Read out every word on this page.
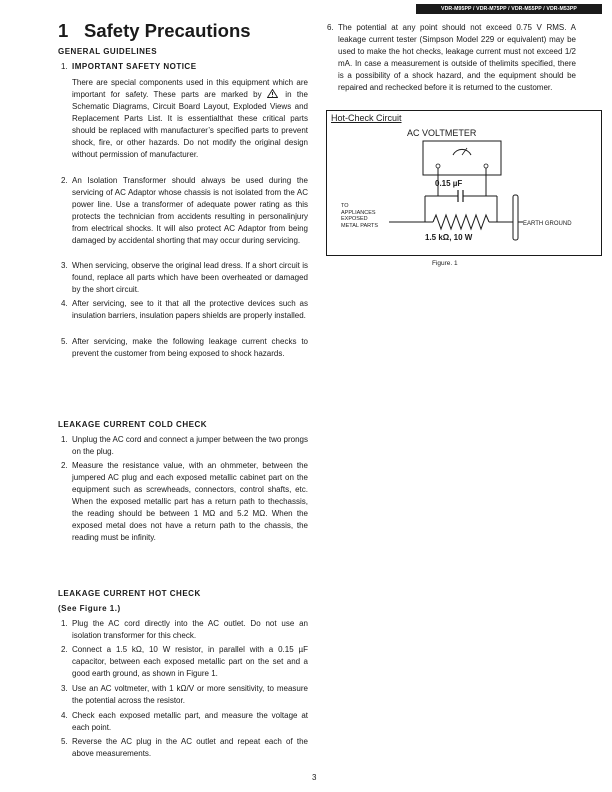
VDR-M95PP / VDR-M75PP / VDR-M55PP / VDR-M53PP
1 Safety Precautions
GENERAL GUIDELINES
1. IMPORTANT SAFETY NOTICE
There are special components used in this equipment which are important for safety. These parts are marked by	in the Schematic Diagrams, Circuit Board Layout, Exploded Views and Replacement Parts List. It is essentialthat these critical parts should be replaced with manufacturer’s specified parts to prevent shock, fire, or other hazards. Do not modify the original design without permission of manufacturer.
2. An Isolation Transformer should always be used during the servicing of AC Adaptor whose chassis is not isolated from the AC power line. Use a transformer of adequate power rating as this protects the technician from accidents resulting in personalinjury from electrical shocks. It will also protect AC Adaptor from being damaged by accidental shorting that may occur during servicing.
3. When servicing, observe the original lead dress. If a short circuit is found, replace all parts which have been overheated or damaged by the short circuit.
4. After servicing, see to it that all the protective devices such as insulation barriers, insulation papers shields are properly installed.
5. After servicing, make the following leakage current checks to prevent the customer from being exposed to shock hazards.
6. The potential at any point should not exceed 0.75 V RMS. A leakage current tester (Simpson Model 229 or equivalent) may be used to make the hot checks, leakage current must not exceed 1/2 mA. In case a measurement is outside of thelimits specified, there is a possibility of a shock hazard, and the equipment should be repaired and rechecked before it is returned to the customer.
Hot-Check Circuit
AC VOLTMETER
0.15 µF
1.5 kΩ, 10 W
TO
APPLIANCES
EXPOSED
METAL PARTS	EARTH GROUND
Figure. 1
LEAKAGE CURRENT COLD CHECK
1. Unplug the AC cord and connect a jumper between the two prongs on the plug.
2. Measure the resistance value, with an ohmmeter, between the jumpered AC plug and each exposed metallic cabinet part on the equipment such as screwheads, connectors, control shafts, etc. When the exposed metallic part has a return path to thechassis, the reading should be between 1 MΩ and 5.2 MΩ. When the exposed metal does not have a return path to the chassis, the reading must be infinity.
LEAKAGE CURRENT HOT CHECK
(See Figure 1.)
1. Plug the AC cord directly into the AC outlet. Do not use an isolation transformer for this check.
2. Connect a 1.5 kΩ, 10 W resistor, in parallel with a 0.15 µF capacitor, between each exposed metallic part on the set and a good earth ground, as shown in Figure 1.
3. Use an AC voltmeter, with 1 kΩ/V or more sensitivity, to measure the potential across the resistor.
4. Check each exposed metallic part, and measure the voltage at each point.
5. Reverse the AC plug in the AC outlet and repeat each of the above measurements.
3
